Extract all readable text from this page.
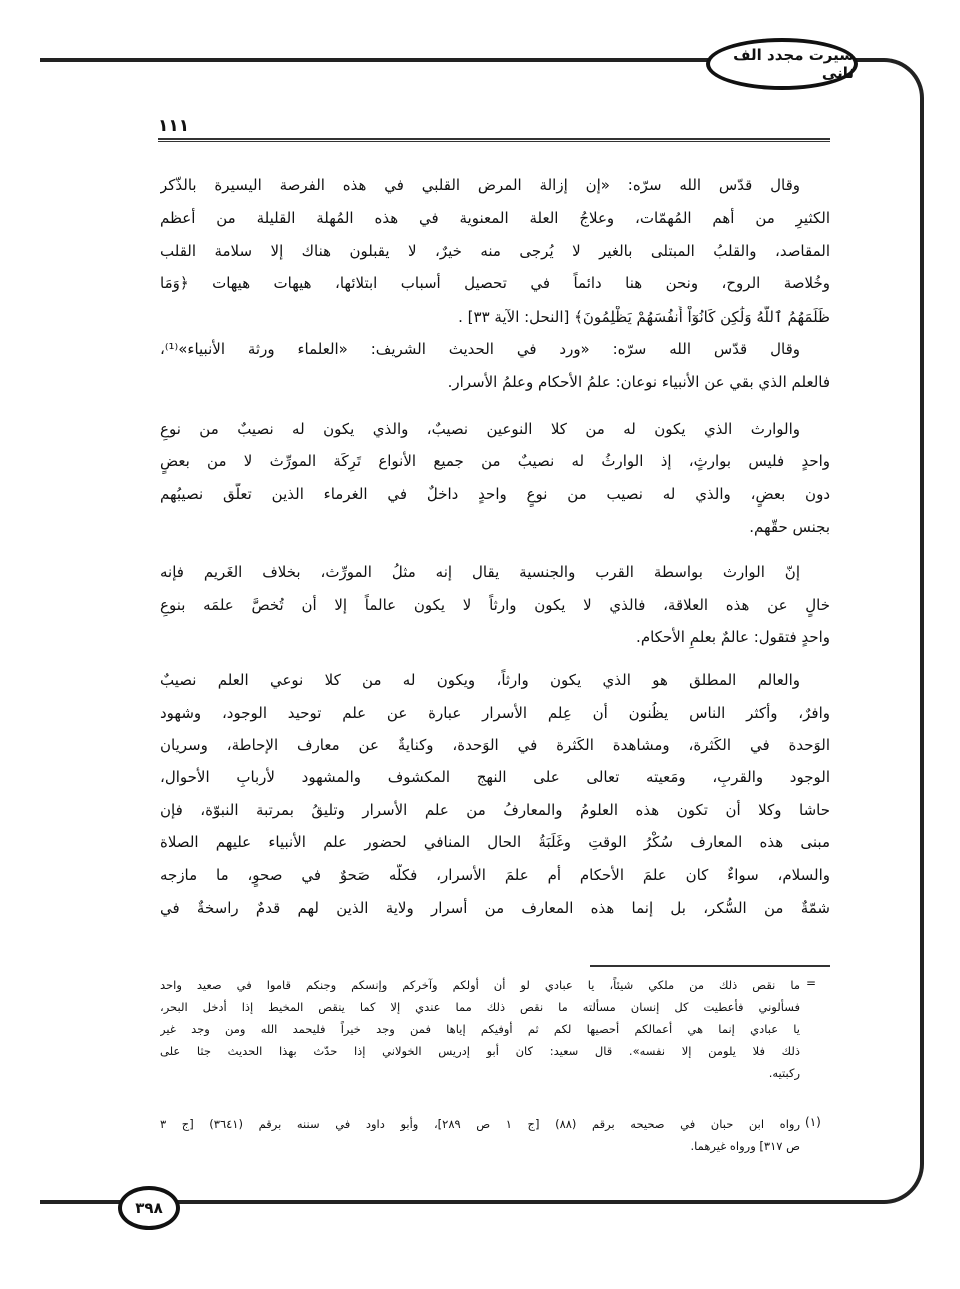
سیرت مجدد الف ثانی
١١١
وقال قدّس الله سرّه: «إن إزالة المرض القلبي في هذه الفرصة اليسيرة بالذّكر
الكثيرِ من أهم المُهمّات، وعلاجُ العلة المعنوية في هذه المُهلة القليلة من أعظم
المقاصد، والقلبُ المبتلى بالغير لا يُرجى منه خيرٌ، لا يقبلون هناك إلا سلامة القلب
وخُلاصة الروح، ونحن هنا دائماً في تحصيل أسباب ابتلائها، هيهات هيهات ﴿وَمَا
ظَلَمَهُمُ ٱللَّهُ وَلَٰكِن كَانُوٓاْ أَنفُسَهُمْ يَظْلِمُونَ﴾ [النحل: الآية ٣٣] .
وقال قدّس الله سرّه: «ورد في الحديث الشريف: «العلماء ورثة الأنبياء»⁽¹⁾،
فالعلم الذي بقي عن الأنبياء نوعان: علمُ الأحكام وعلمُ الأسرار.
والوارث الذي يكون له من كلا النوعين نصيبٌ، والذي يكون له نصيبٌ من نوعِ
واحدٍ فليس بوارثٍ، إذ الوارثُ له نصيبٌ من جميع الأنواع تَرِكَة المورِّث لا من بعضٍ
دون بعضٍ، والذي له نصيب من نوعٍ واحدٍ داخلٌ في الغرماء الذين تعلّق نصيبُهم
بجنس حقّهم.
إنّ الوارث بواسطة القرب والجنسية يقال إنه مثلُ المورِّث، بخلاف الغَريم فإنه
خالٍ عن هذه العلاقة، فالذي لا يكون وارثاً لا يكون عالماً إلا أن تُخصَّ علمَه بنوعِ
واحدٍ فتقول: عالمٌ بعلمِ الأحكام.
والعالم المطلق هو الذي يكون وارثاً، ويكون له من كلا نوعي العلم نصيبٌ
وافرٌ، وأكثر الناس يظُنون أن عِلم الأسرار عبارة عن علم توحيد الوجود، وشهود
الوَحدة في الكَثرة، ومشاهدة الكَثرة في الوَحدة، وكنايةٌ عن معارف الإحاطة، وسريان
الوجود والقربِ، ومَعيته تعالى على النهج المكشوف والمشهود لأربابِ الأحوال،
حاشا وكلا أن تكون هذه العلومُ والمعارفُ من علم الأسرار وتليقُ بمرتبة النبوّة، فإن
مبنى هذه المعارف سُكْرُ الوقتِ وغَلَبَةُ الحال المنافي لحضور علم الأنبياء عليهم الصلاة
والسلام، سواءٌ كان علمَ الأحكام أم علمَ الأسرار، فكلُّه صَحوٌ في صحوٍ، ما مازجه
شمّةٌ من السُّكر، بل إنما هذه المعارف من أسرار ولاية الذين لهم قدمٌ راسخةٌ في
=
ما نقص ذلك من ملكي شيئاً، يا عبادي لو أن أولكم وآخركم وإنسكم وجنكم قاموا في صعيد واحد
فسألوني فأعطيت كل إنسان مسألته ما نقص ذلك مما عندي إلا كما ينقص المخيط إذا أدخل البحر،
يا عبادي إنما هي أعمالكم أحصيها لكم ثم أوفيكم إياها فمن وجد خيراً فليحمد الله ومن وجد غير
ذلك فلا يلومن إلا نفسه». قال سعيد: كان أبو إدريس الخولاني إذا حدّث بهذا الحديث جثا على
ركبتيه.
(١)
رواه ابن حبان في صحيحه برقم (٨٨) [ج ١ ص ٢٨٩]، وأبو داود في سننه برقم (٣٦٤١) [ج ٣
ص ٣١٧] ورواه غيرهما.
٣٩٨
